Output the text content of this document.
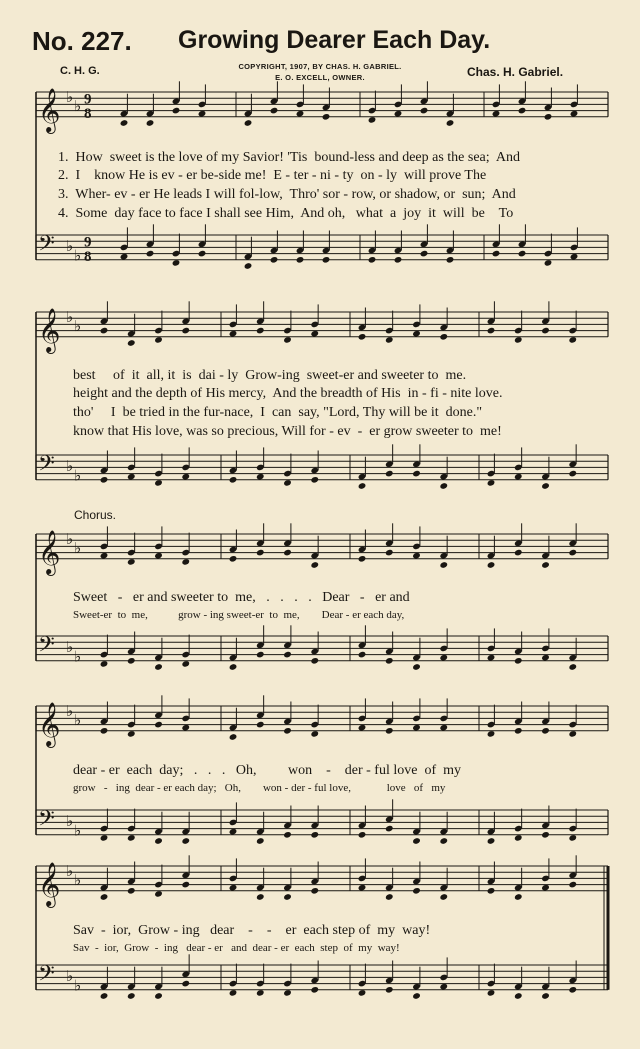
No. 227. Growing Dearer Each Day.
C. H. G.	Chas. H. Gabriel.
COPYRIGHT, 1907, BY CHAS. H. GABRIEL.
E. O. EXCELL, OWNER.
𝄞 ♭
♭ 9
8
𝄢 ♭
♭
9
8
𝄞 ♭
♭
𝄢 ♭
♭
𝄞 ♭
♭
𝄢 ♭
♭
𝄞 ♭
♭
𝄢 ♭
♭
𝄞 ♭
♭
𝄢 ♭
♭
1.  How  sweet is the love of my Savior! 'Tis  bound-less and deep as the sea;  And
2.  I    know He is ev - er be-side me!  E - ter - ni - ty  on - ly  will prove The
3.  Wher- ev - er He leads I will fol-low,  Thro' sor - row, or shadow, or  sun;  And
4.  Some  day face to face I shall see Him,  And oh,   what  a  joy  it  will  be    To
best     of  it  all, it  is  dai - ly  Grow-ing  sweet-er and sweeter to  me.
height and the depth of His mercy,  And the breadth of His  in - fi - nite love.
tho'     I  be tried in the fur-nace,  I  can  say, "Lord, Thy will be it  done."
know that His love, was so precious, Will for - ev  -  er grow sweeter to  me!
Chorus.
Sweet   -   er and sweeter to  me,   .   .   .   .   Dear   -   er and
Sweet-er  to  me,           grow - ing sweet-er  to  me,        Dear - er each day,
dear - er  each  day;   .   .   .   Oh,         won    -    der - ful love  of  my
grow   -   ing  dear - er each day;   Oh,        won - der - ful love,             love   of   my
Sav  -  ior,  Grow - ing   dear    -    -    er  each step of  my  way!
Sav  -  ior,  Grow  -  ing   dear - er   and  dear - er  each  step  of  my  way!
